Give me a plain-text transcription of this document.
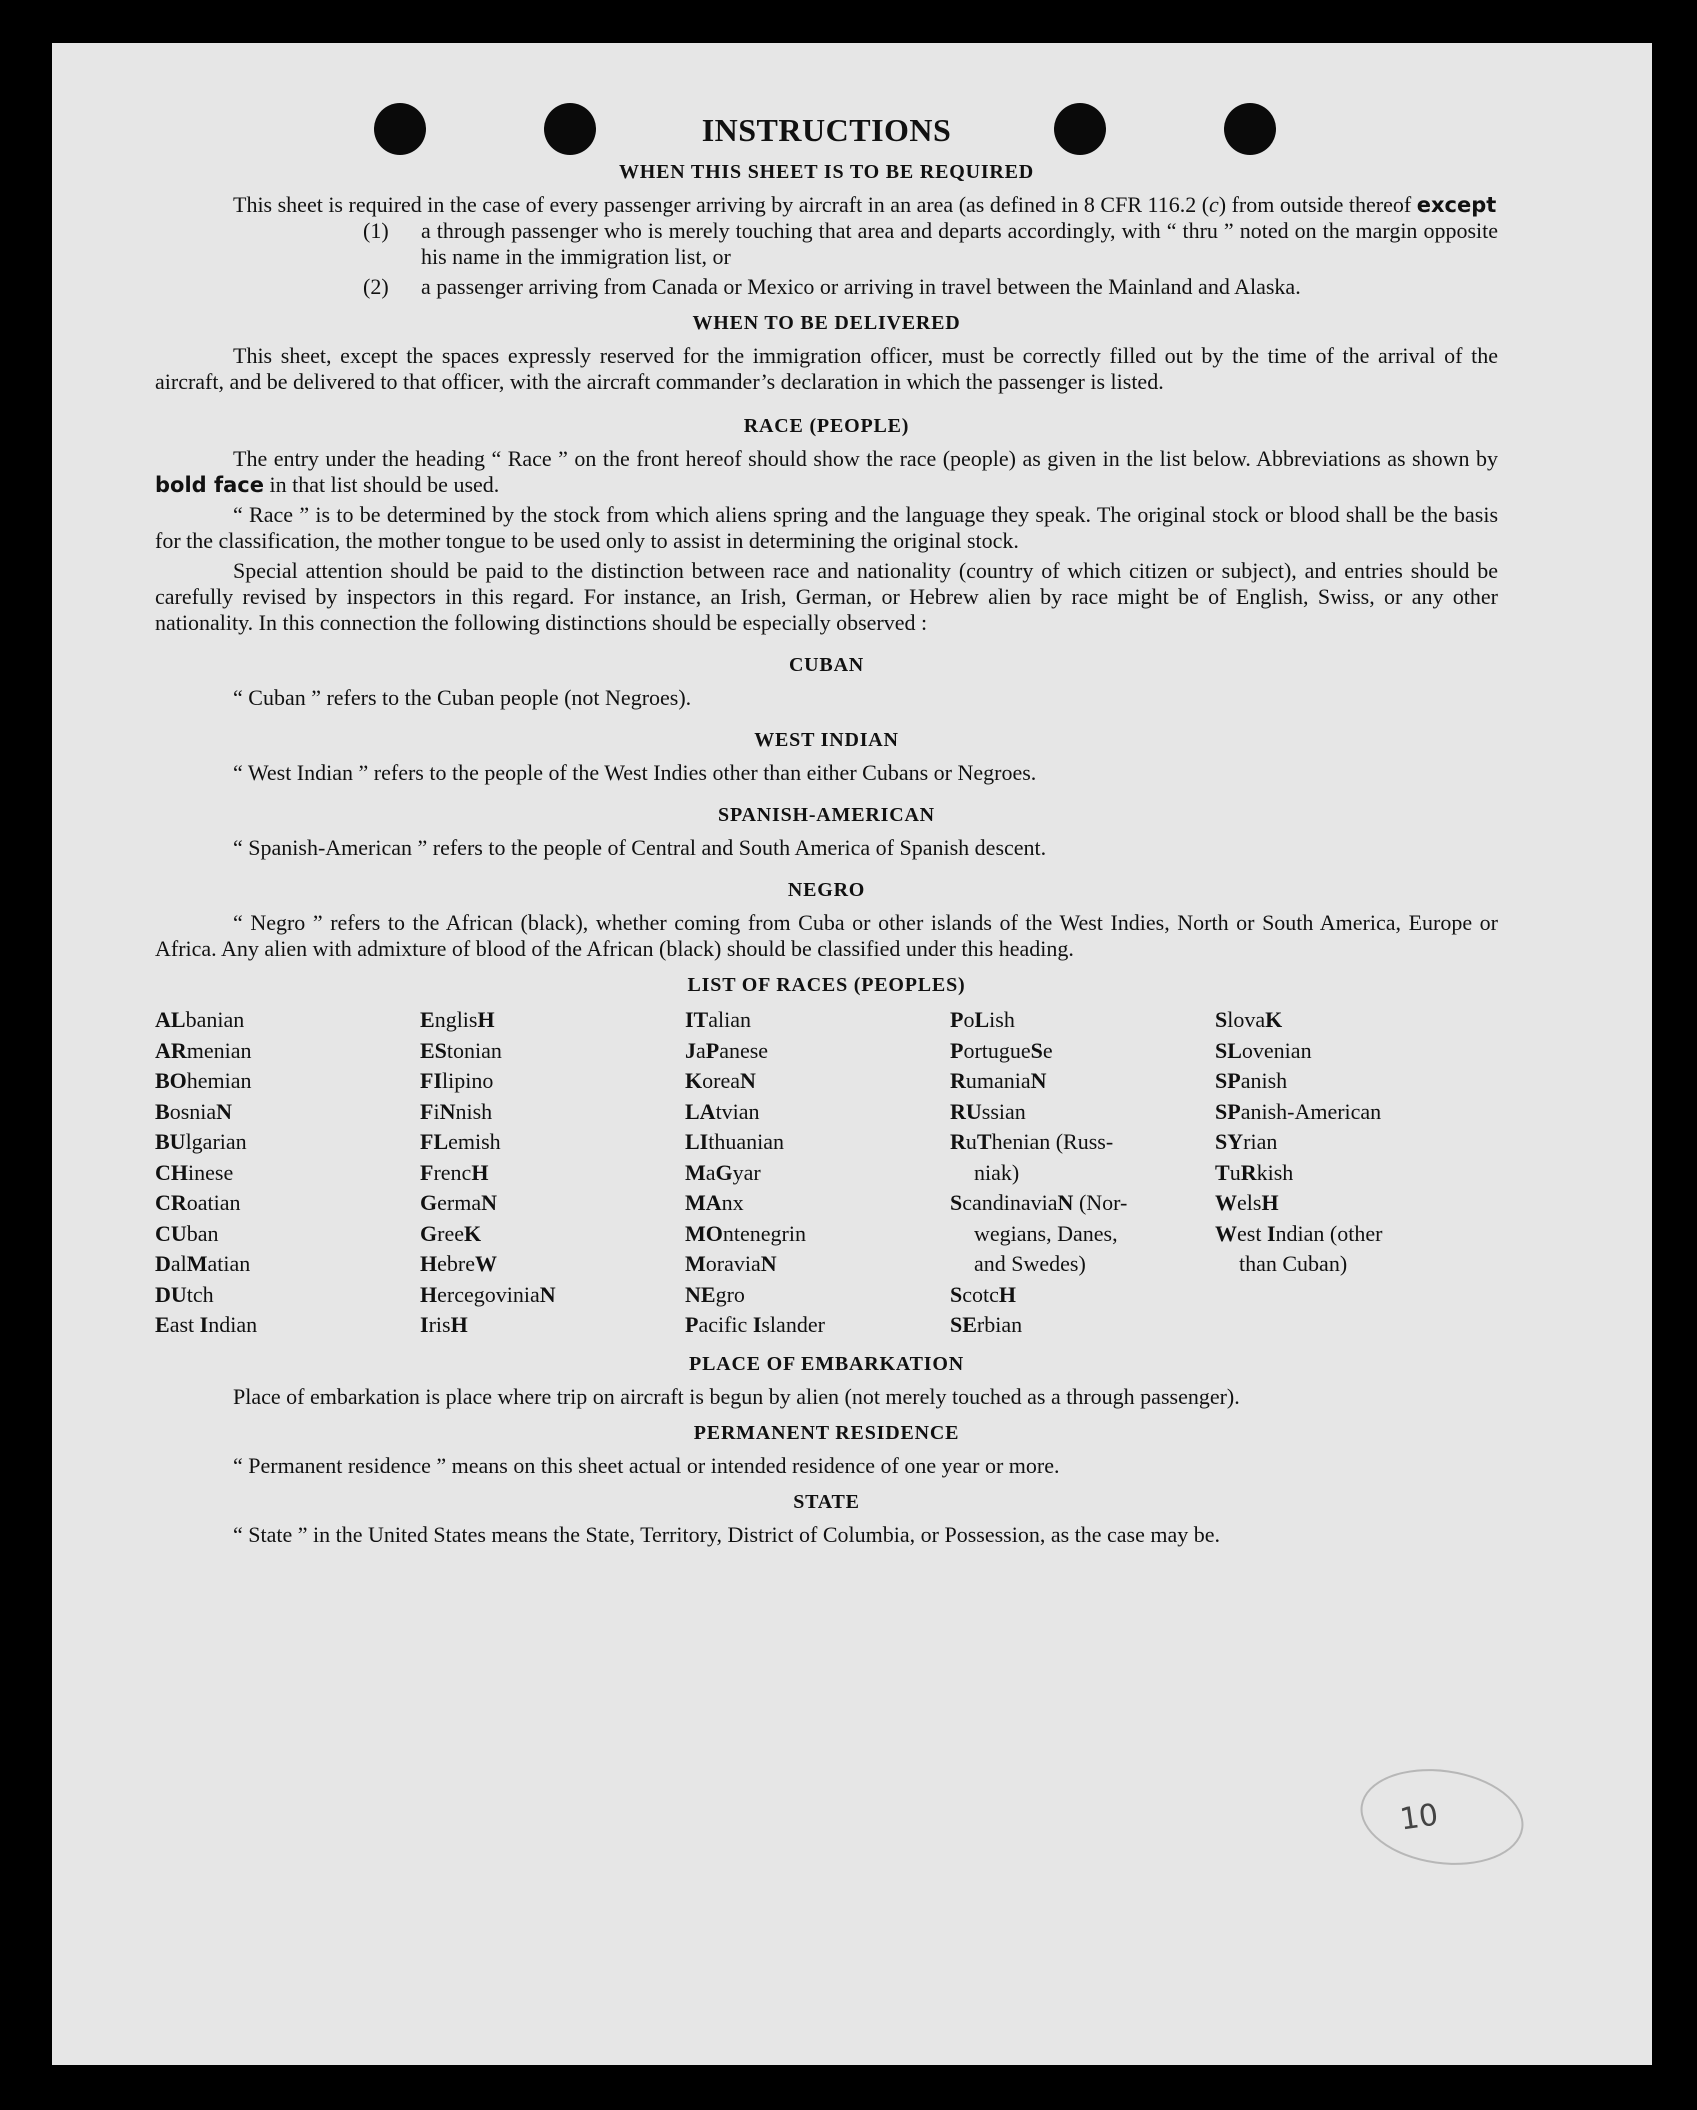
10
INSTRUCTIONS
WHEN THIS SHEET IS TO BE REQUIRED

This sheet is required in the case of every passenger arriving by aircraft in an area (as defined in 8 CFR 116.2 (c) from outside thereof except

(1)	a through passenger who is merely touching that area and departs accordingly, with “ thru ” noted on the margin opposite his name in the immigration list, or
(2)	a passenger arriving from Canada or Mexico or arriving in travel between the Mainland and Alaska.
WHEN TO BE DELIVERED

This sheet, except the spaces expressly reserved for the immigration officer, must be correctly filled out by the time of the arrival of the aircraft, and be delivered to that officer, with the aircraft commander’s declaration in which the passenger is listed.

RACE (PEOPLE)

The entry under the heading “ Race ” on the front hereof should show the race (people) as given in the list below. Abbreviations as shown by bold face in that list should be used.

“ Race ” is to be determined by the stock from which aliens spring and the language they speak. The original stock or blood shall be the basis for the classification, the mother tongue to be used only to assist in determining the original stock.

Special attention should be paid to the distinction between race and nationality (country of which citizen or subject), and entries should be carefully revised by inspectors in this regard. For instance, an Irish, German, or Hebrew alien by race might be of English, Swiss, or any other nationality. In this connection the following distinctions should be especially observed :

CUBAN

“ Cuban ” refers to the Cuban people (not Negroes).

WEST INDIAN

“ West Indian ” refers to the people of the West Indies other than either Cubans or Negroes.

SPANISH-AMERICAN

“ Spanish-American ” refers to the people of Central and South America of Spanish descent.

NEGRO

“ Negro ” refers to the African (black), whether coming from Cuba or other islands of the West Indies, North or South America, Europe or Africa. Any alien with admixture of blood of the African (black) should be classified under this heading.

LIST OF RACES (PEOPLES)
ALbanian
ARmenian
BOhemian
BosniaN
BUlgarian
CHinese
CRoatian
CUban
DalMatian
DUtch
East Indian
EnglisH
EStonian
FIlipino
FiNnish
FLemish
FrencH
GermaN
GreeK
HebreW
HercegoviniaN
IrisH
ITalian
JaPanese
KoreaN
LAtvian
LIthuanian
MaGyar
MAnx
MOntenegrin
MoraviaN
NEgro
Pacific Islander
PoLish
PortugueSe
RumaniaN
RUssian
RuThenian (Russ-
niak)
ScandinaviaN (Nor-
wegians, Danes,
and Swedes)
ScotcH
SErbian
SlovaK
SLovenian
SPanish
SPanish-American
SYrian
TuRkish
WelsH
West Indian (other
than Cuban)
PLACE OF EMBARKATION

Place of embarkation is place where trip on aircraft is begun by alien (not merely touched as a through passenger).

PERMANENT RESIDENCE

“ Permanent residence ” means on this sheet actual or intended residence of one year or more.

STATE

“ State ” in the United States means the State, Territory, District of Columbia, or Possession, as the case may be.
